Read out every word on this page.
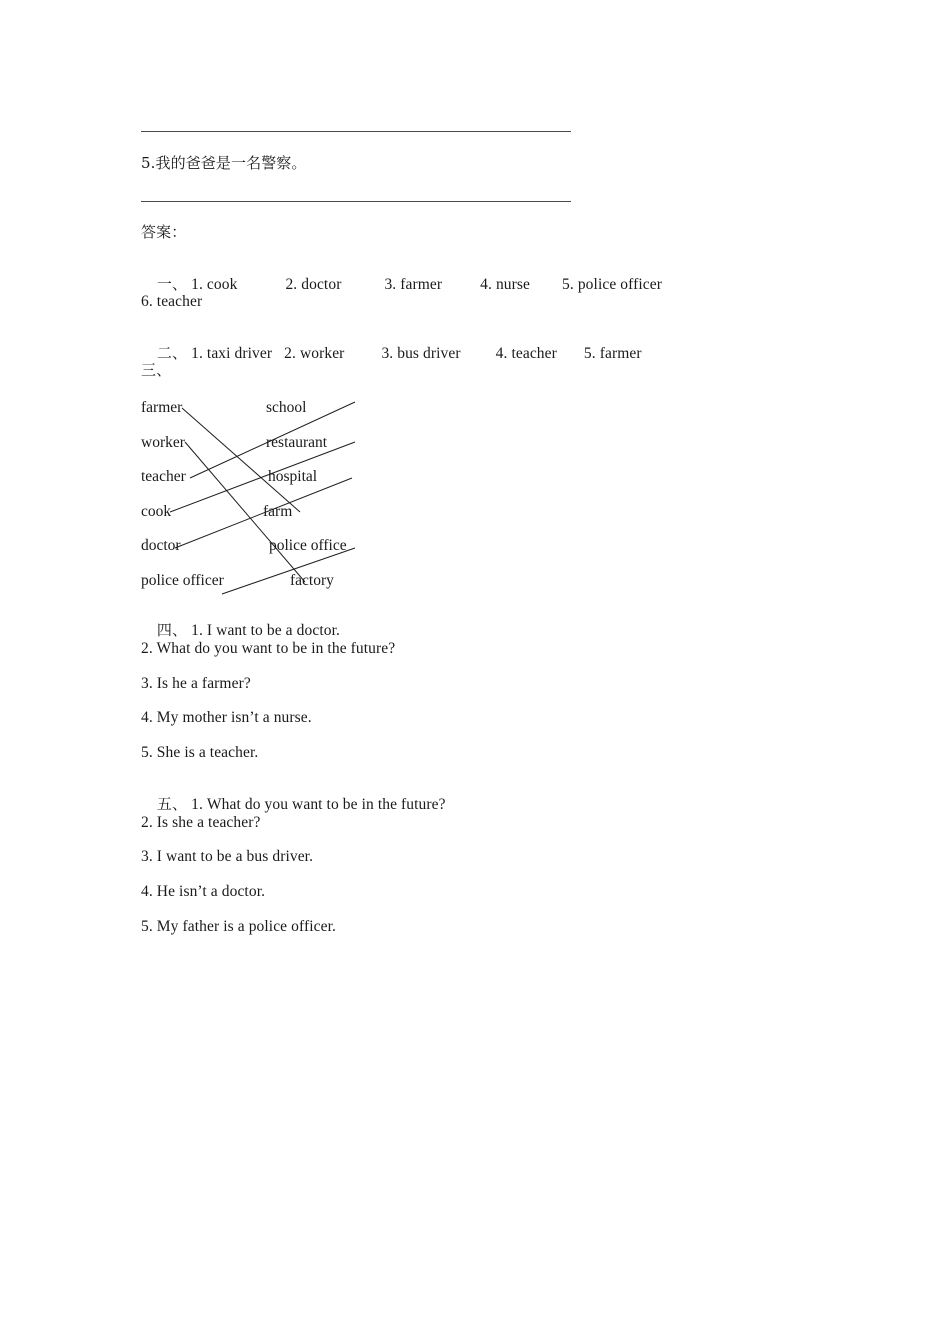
5.我的爸爸是一名警察。
答案：

一、 1. cook	2. doctor	3. farmer 4. nurse 5. police officer

6. teacher

二、 1. taxi driver 2. worker 3. bus driver 4. teacher 5. farmer

三、
farmer
worker
teacher
cook
doctor
police officer
school
restaurant
hospital
farm
police office
factory

四、 1. I want to be a doctor.

2. What do you want to be in the future?
3. Is he a farmer?
4. My mother isn’t a nurse.
5. She is a teacher.

五、 1. What do you want to be in the future?

2. Is she a teacher?
3. I want to be a bus driver.
4. He isn’t a doctor.
5. My father is a police officer.
